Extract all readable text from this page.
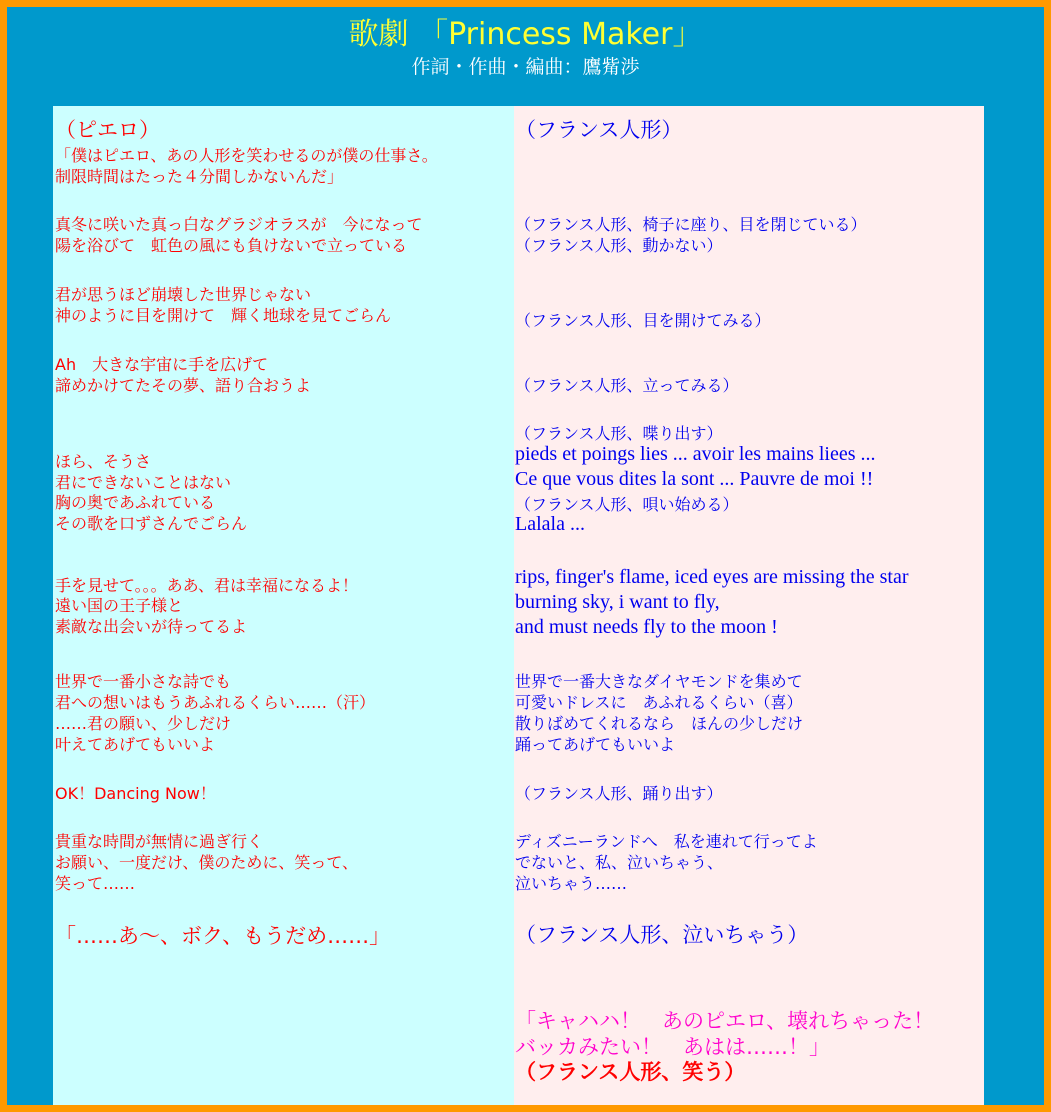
歌劇 「Princess Maker」
作詞・作曲・編曲：鷹觜渉
（ピエロ）
「僕はピエロ、あの人形を笑わせるのが僕の仕事さ。
制限時間はたった４分間しかないんだ」
真冬に咲いた真っ白なグラジオラスが　今になって
陽を浴びて　虹色の風にも負けないで立っている
君が思うほど崩壊した世界じゃない
神のように目を開けて　輝く地球を見てごらん
Ah　大きな宇宙に手を広げて
諦めかけてたその夢、語り合おうよ
ほら、そうさ
君にできないことはない
胸の奥であふれている
その歌を口ずさんでごらん
手を見せて。。。ああ、君は幸福になるよ！
遠い国の王子様と
素敵な出会いが待ってるよ
世界で一番小さな詩でも
君への想いはもうあふれるくらい……（汗）
……君の願い、少しだけ
叶えてあげてもいいよ
OK！Dancing Now！
貴重な時間が無情に過ぎ行く
お願い、一度だけ、僕のために、笑って、
笑って……
「……あ～、ボク、もうだめ……」
（フランス人形）
（フランス人形、椅子に座り、目を閉じている）
（フランス人形、動かない）
（フランス人形、目を開けてみる）
（フランス人形、立ってみる）
（フランス人形、喋り出す）
pieds et poings lies ... avoir les mains liees ...
Ce que vous dites la sont ... Pauvre de moi !!
（フランス人形、唄い始める）
Lalala ...
rips, finger's flame, iced eyes are missing the star
burning sky, i want to fly,
and must needs fly to the moon !
世界で一番大きなダイヤモンドを集めて
可愛いドレスに　あふれるくらい（喜）
散りばめてくれるなら　ほんの少しだけ
踊ってあげてもいいよ
（フランス人形、踊り出す）
ディズニーランドへ　私を連れて行ってよ
でないと、私、泣いちゃう、
泣いちゃう……
（フランス人形、泣いちゃう）
「キャハハ！　あのピエロ、壊れちゃった！
バッカみたい！　あはは……！」
（フランス人形、笑う）
